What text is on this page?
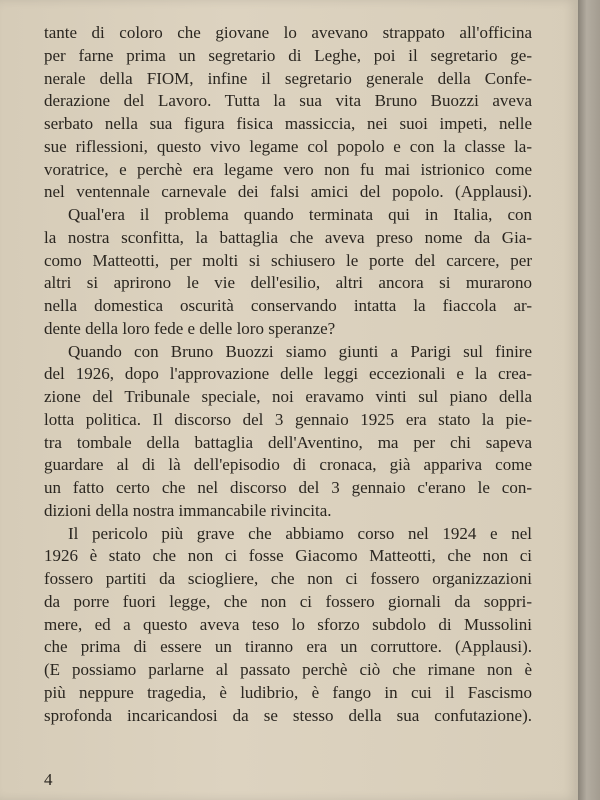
tante di coloro che giovane lo avevano strappato all'officina
per farne prima un segretario di Leghe, poi il segretario ge-
nerale della FIOM, infine il segretario generale della Confe-
derazione del Lavoro. Tutta la sua vita Bruno Buozzi aveva
serbato nella sua figura fisica massiccia, nei suoi impeti, nelle
sue riflessioni, questo vivo legame col popolo e con la classe la-
voratrice, e perchè era legame vero non fu mai istrionico come
nel ventennale carnevale dei falsi amici del popolo. (Applausi).

Qual'era il problema quando terminata qui in Italia, con
la nostra sconfitta, la battaglia che aveva preso nome da Gia-
como Matteotti, per molti si schiusero le porte del carcere, per
altri si aprirono le vie dell'esilio, altri ancora si murarono
nella domestica oscurità conservando intatta la fiaccola ar-
dente della loro fede e delle loro speranze?

Quando con Bruno Buozzi siamo giunti a Parigi sul finire
del 1926, dopo l'approvazione delle leggi eccezionali e la crea-
zione del Tribunale speciale, noi eravamo vinti sul piano della
lotta politica. Il discorso del 3 gennaio 1925 era stato la pie-
tra tombale della battaglia dell'Aventino, ma per chi sapeva
guardare al di là dell'episodio di cronaca, già appariva come
un fatto certo che nel discorso del 3 gennaio c'erano le con-
dizioni della nostra immancabile rivincita.

Il pericolo più grave che abbiamo corso nel 1924 e nel
1926 è stato che non ci fosse Giacomo Matteotti, che non ci
fossero partiti da sciogliere, che non ci fossero organizzazioni
da porre fuori legge, che non ci fossero giornali da soppri-
mere, ed a questo aveva teso lo sforzo subdolo di Mussolini
che prima di essere un tiranno era un corruttore. (Applausi).
(E possiamo parlarne al passato perchè ciò che rimane non è
più neppure tragedia, è ludibrio, è fango in cui il Fascismo
sprofonda incaricandosi da se stesso della sua confutazione).

4
